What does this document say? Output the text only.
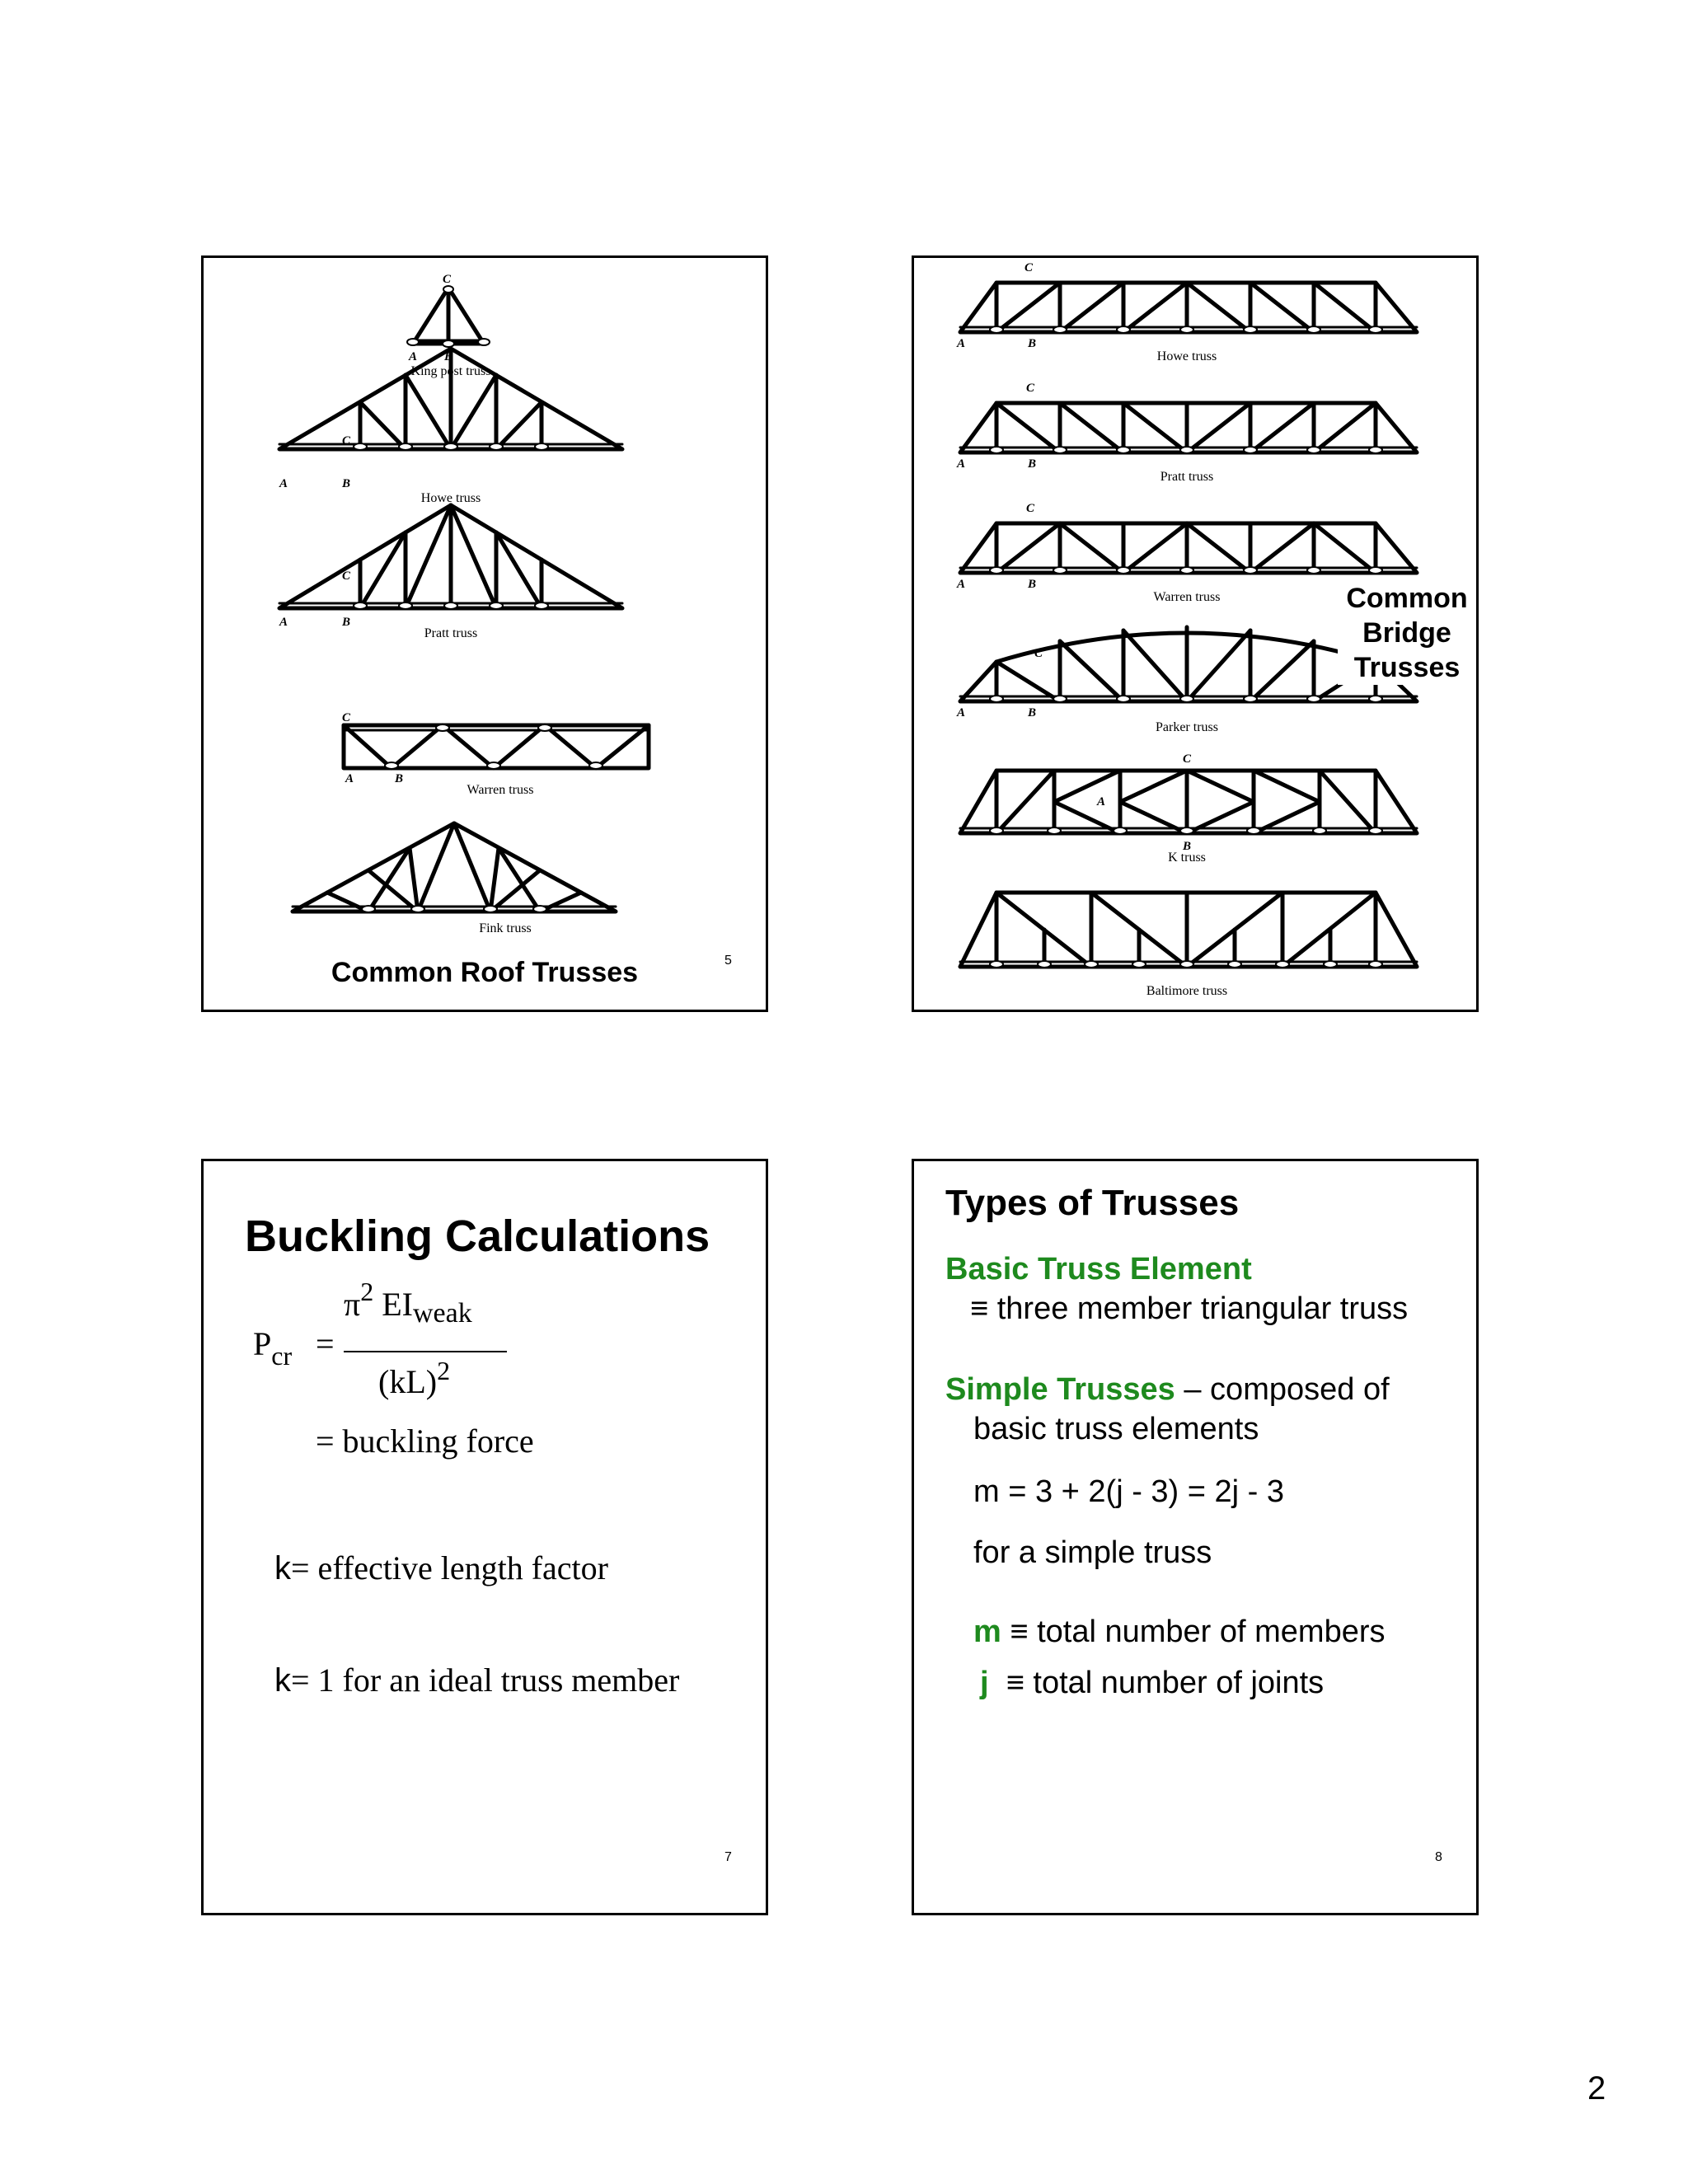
C
A B
C
A	B
C
A	B
C
A	B
King post truss
Howe truss
Pratt truss
Warren truss
Fink truss
Common Roof Trusses	5
C
A	B
C
A	B
C
A	B
C
A	B
C
A
B
Howe truss
Pratt truss
Warren truss
Parker truss
K truss
Baltimore truss
Common
Bridge
Trusses
Buckling Calculations
$P_{cr}$ =
$\pi^2$ $EI_{weak}$
(kL)$^2$
= buckling force
k= effective length factor
k= 1 for an ideal truss member
7
Types of Trusses
Basic Truss Element
≡ three member triangular truss
Simple Trusses – composed of
basic truss elements
m = 3 + 2(j - 3) = 2j - 3
for a simple truss
m ≡ total number of members
j ≡ total number of joints
8
2
